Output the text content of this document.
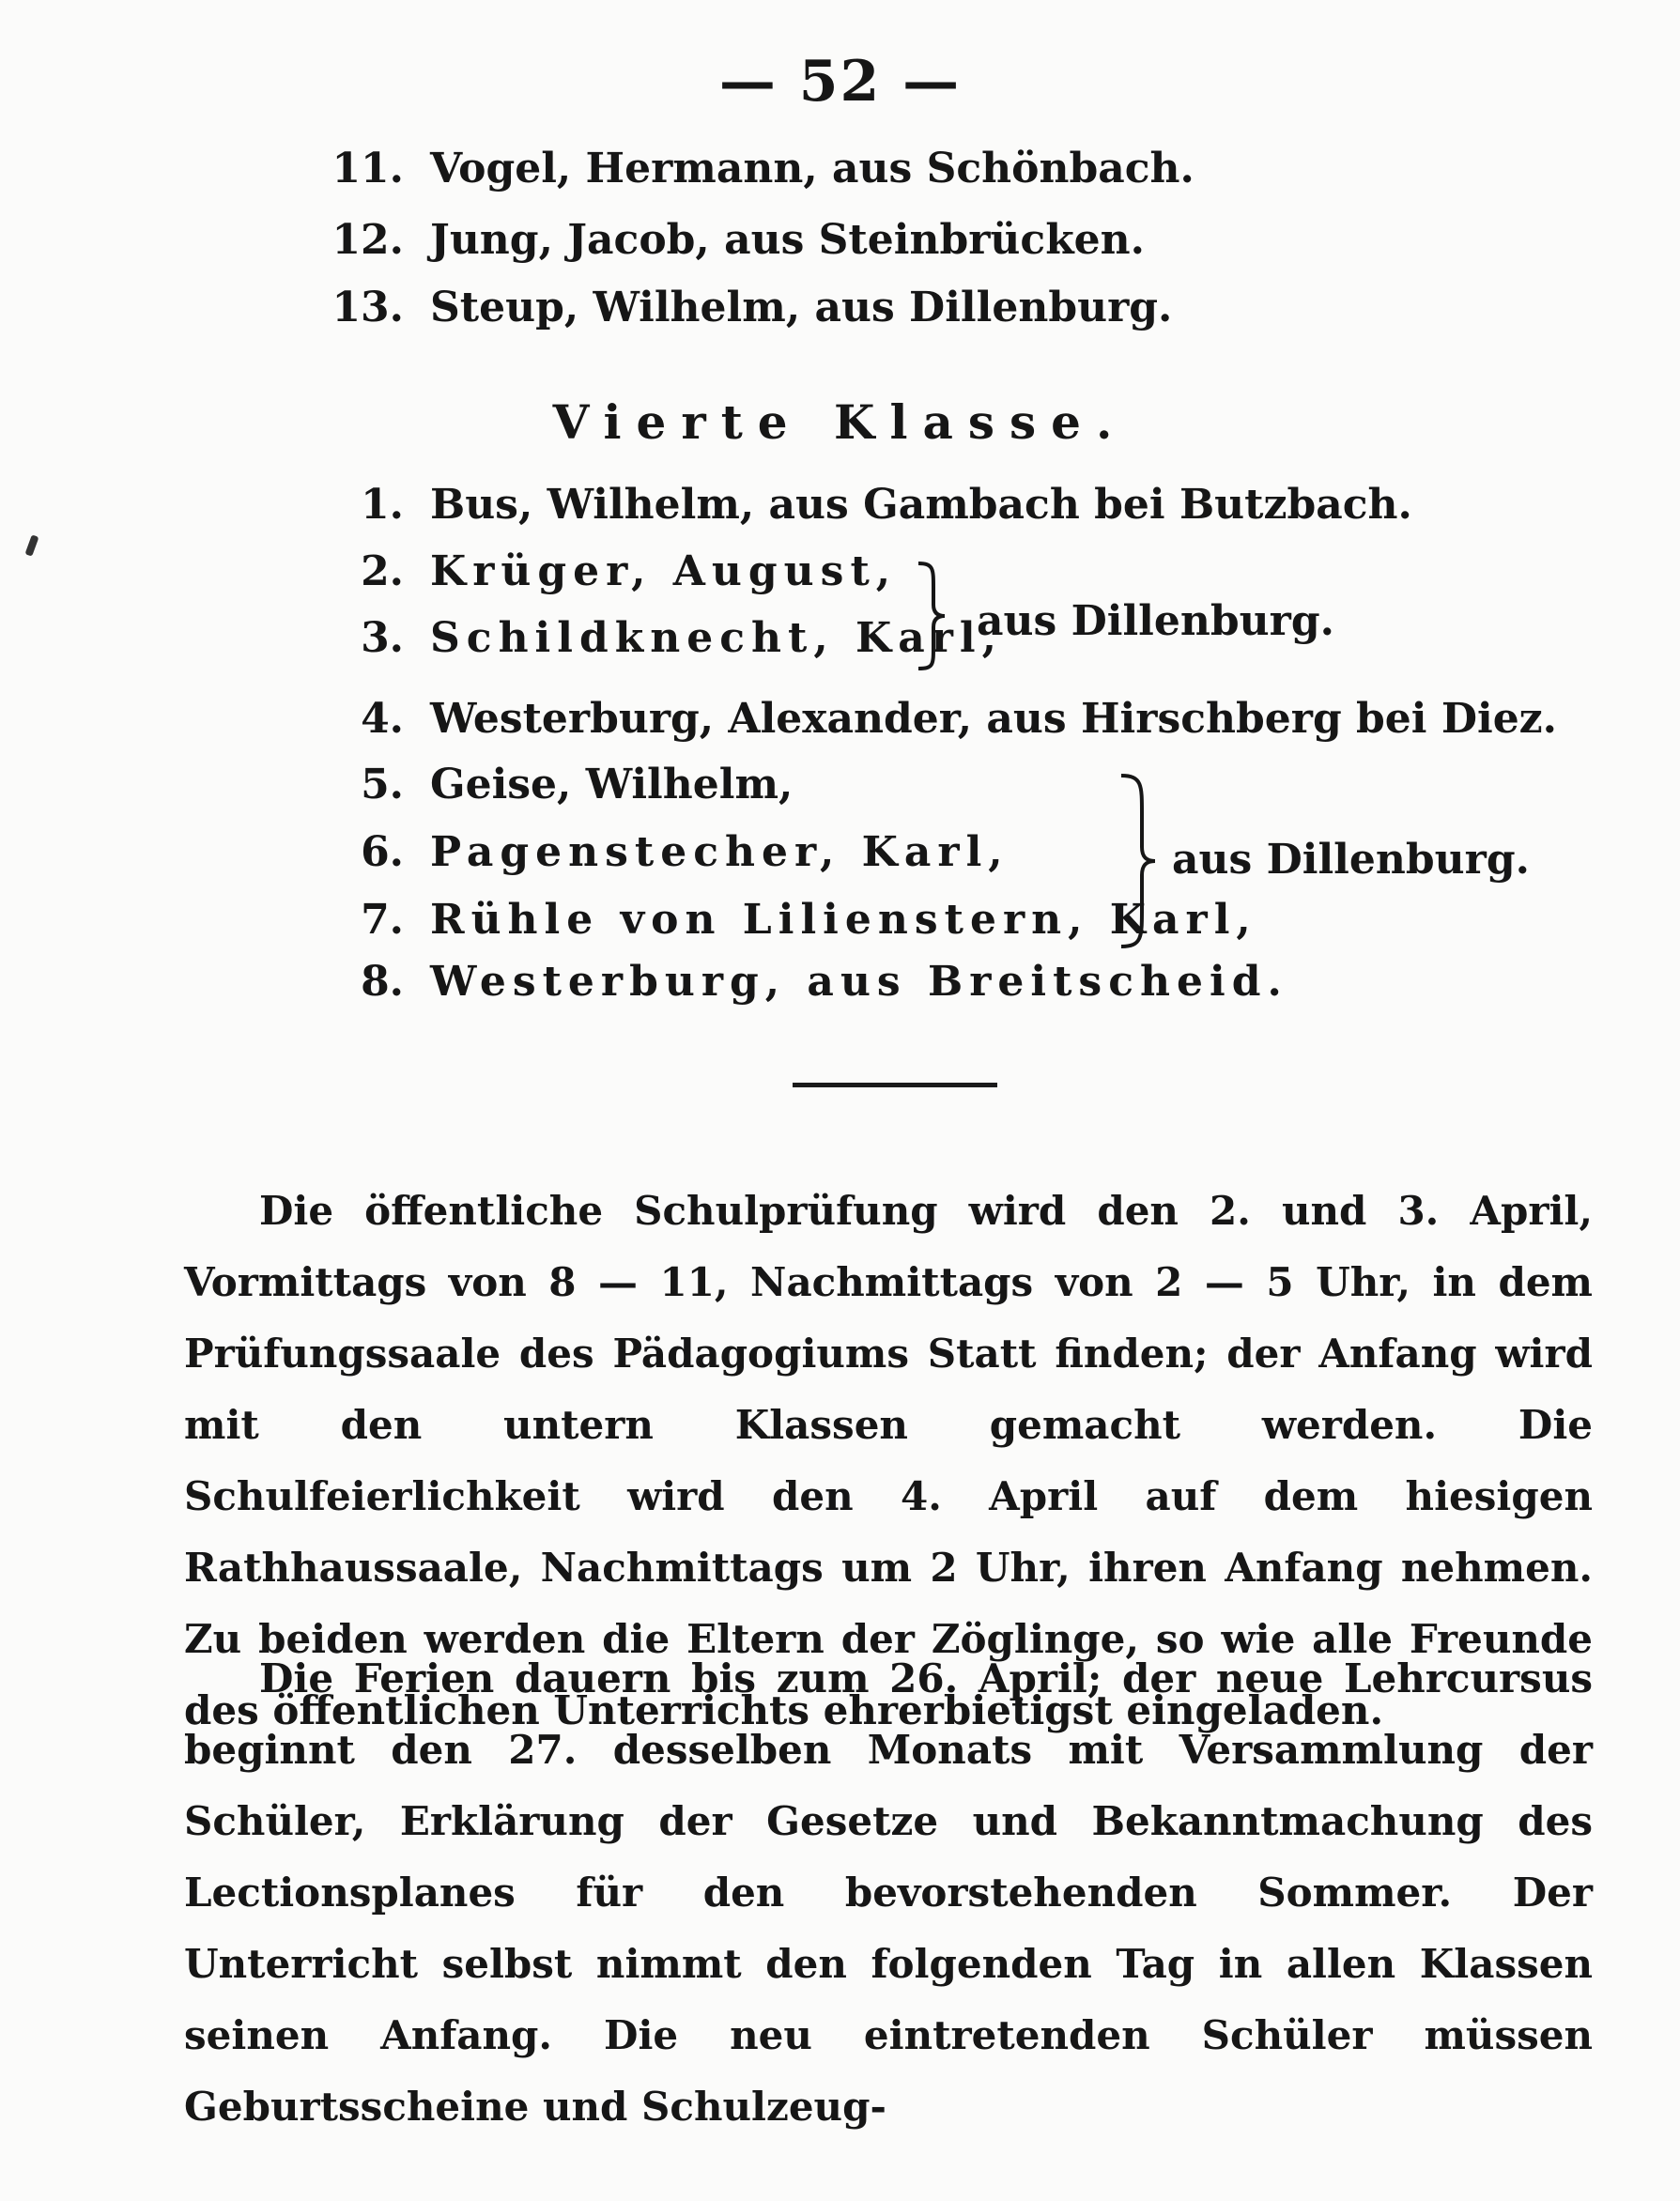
— 52 —
11. Vogel, Hermann, aus Schönbach.
12. Jung, Jacob, aus Steinbrücken.
13. Steup, Wilhelm, aus Dillenburg.
Vierte Klasse.
1. Bus, Wilhelm, aus Gambach bei Butzbach.
2. Krüger, August,
3. Schildknecht, Karl,
aus Dillenburg.
4. Westerburg, Alexander, aus Hirschberg bei Diez.
5. Geise, Wilhelm,
6. Pagenstecher, Karl,
7. Rühle von Lilienstern, Karl,
aus Dillenburg.
8. Westerburg, aus Breitscheid.

Die öffentliche Schulprüfung wird den 2. und 3. April, Vormittags von 8 — 11, Nachmittags von 2 — 5 Uhr, in dem Prüfungssaale des Pädagogiums Statt finden; der Anfang wird mit den untern Klassen gemacht werden. Die Schulfeierlichkeit wird den 4. April auf dem hiesigen Rathhaussaale, Nachmittags um 2 Uhr, ihren Anfang nehmen. Zu beiden werden die Eltern der Zöglinge, so wie alle Freunde des öffentlichen Unterrichts ehrerbietigst eingeladen.

Die Ferien dauern bis zum 26. April; der neue Lehrcursus beginnt den 27. desselben Monats mit Versammlung der Schüler, Erklärung der Gesetze und Bekanntmachung des Lectionsplanes für den bevorstehenden Sommer. Der Unterricht selbst nimmt den folgenden Tag in allen Klassen seinen Anfang. Die neu eintretenden Schüler müssen Geburtsscheine und Schulzeug-
